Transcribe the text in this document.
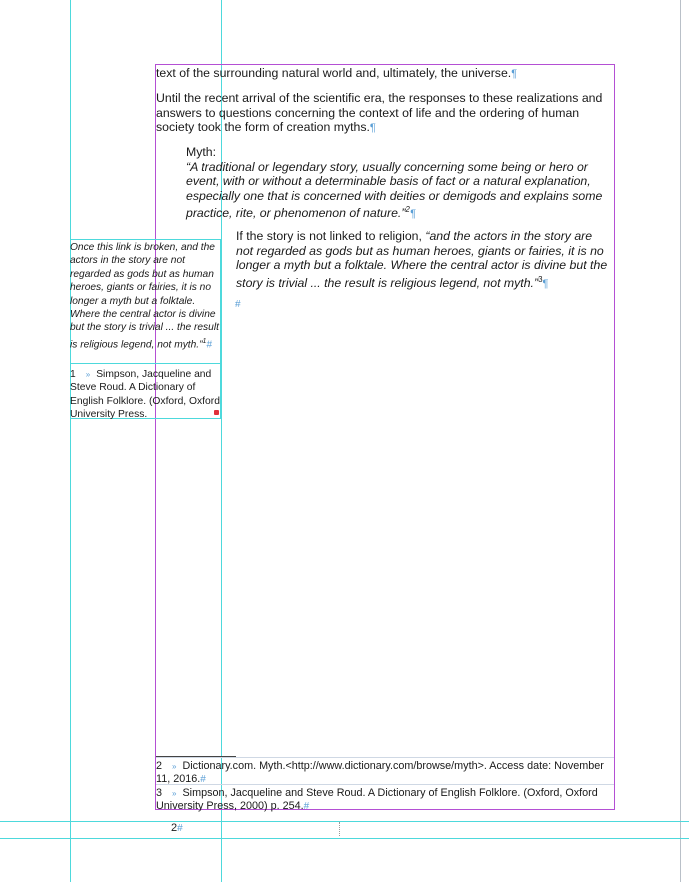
text of the surrounding natural world and, ultimately, the universe.¶
Until the recent arrival of the scientific era, the responses to these realizations and answers to questions concerning the context of life and the ordering of human society took the form of creation myths.¶
Myth:
“A traditional or legendary story, usually concerning some being or hero or event, with or without a determinable basis of fact or a natural explanation, especially one that is concerned with deities or demigods and explains some practice, rite, or phenomenon of nature.”$^2$¶
If the story is not linked to religion, “and the actors in the story are not regarded as gods but as human heroes, giants or fairies, it is no longer a myth but a folktale. Where the central actor is divine but the story is trivial ... the result is religious legend, not myth.”$^3$¶
#
Once this link is broken, and the actors in the story are not regarded as gods but as human heroes, giants or fairies, it is no longer a myth but a folktale. Where the central actor is divine but the story is trivial ... the result is religious legend, not myth.”$^1$#
1 » Simpson, Jacqueline and Steve Roud. A Dictionary of English Folklore. (Oxford, Oxford University Press.
2 » Dictionary.com. Myth.<http://www.dictionary.com/browse/myth>. Access date: November 11, 2016.#
3 » Simpson, Jacqueline and Steve Roud. A Dictionary of English Folklore. (Oxford, Oxford University Press, 2000) p. 254.#
2#
